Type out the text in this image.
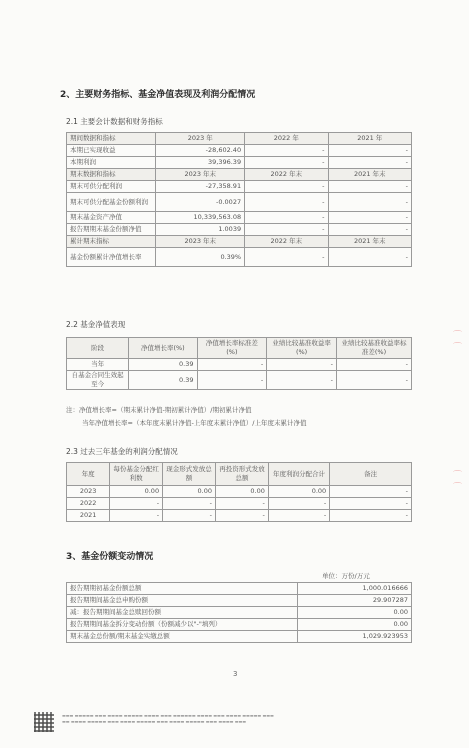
2、主要财务指标、基金净值表现及利润分配情况
2.1 主要会计数据和财务指标
期间数据和指标	2023 年	2022 年	2021 年
本期已实现收益	-28,602.40	-	-
本期利润	39,396.39	-	-
期末数据和指标	2023 年末	2022 年末	2021 年末
期末可供分配利润	-27,358.91	-	-
期末可供分配基金份额利润	-0.0027	-	-
期末基金资产净值	10,339,563.08	-	-
报告期期末基金份额净值	1.0039	-	-
累计期末指标	2023 年末	2022 年末	2021 年末
基金份额累计净值增长率	0.39%	-	-
2.2 基金净值表现
阶段	净值增长率(%)	净值增长率标准差(%)	业绩比较基准收益率(%)	业绩比较基准收益率标准差(%)
当年	0.39	-	-	-
自基金合同生效起至今	0.39	-	-	-
注：净值增长率=（期末累计净值-期初累计净值）/期初累计净值
当年净值增长率=（本年度末累计净值-上年度末累计净值）/上年度末累计净值
2.3 过去三年基金的利润分配情况
年度	每份基金分配红利数	现金形式发放总额	再投资形式发放总额	年度利润分配合计	备注
2023	0.00	0.00	0.00	0.00	-
2022	-	-	-	-	-
2021	-	-	-	-	-
3、基金份额变动情况
单位：万份/万元
报告期期初基金份额总额	1,000.016666
报告期期间基金总申购份额	29.907287
减：报告期期间基金总赎回份额	0.00
报告期期间基金拆分变动份额（份额减少以"-"填列）	0.00
期末基金总份额/期末基金实缴总额	1,029.923953
3
⌒ ⌒
⌒ ⌒
▬▬▬ ▬▬▬▬▬ ▬▬▬ ▬▬▬▬ ▬▬▬▬▬ ▬▬▬▬ ▬▬▬ ▬▬▬▬▬▬ ▬▬▬▬ ▬▬▬ ▬▬▬▬ ▬▬▬▬▬ ▬▬▬
▬▬ ▬▬▬▬ ▬▬▬▬▬ ▬▬▬ ▬▬▬▬ ▬▬▬▬▬ ▬▬▬ ▬▬▬▬ ▬▬▬▬▬ ▬▬▬ ▬▬▬▬ ▬▬▬
